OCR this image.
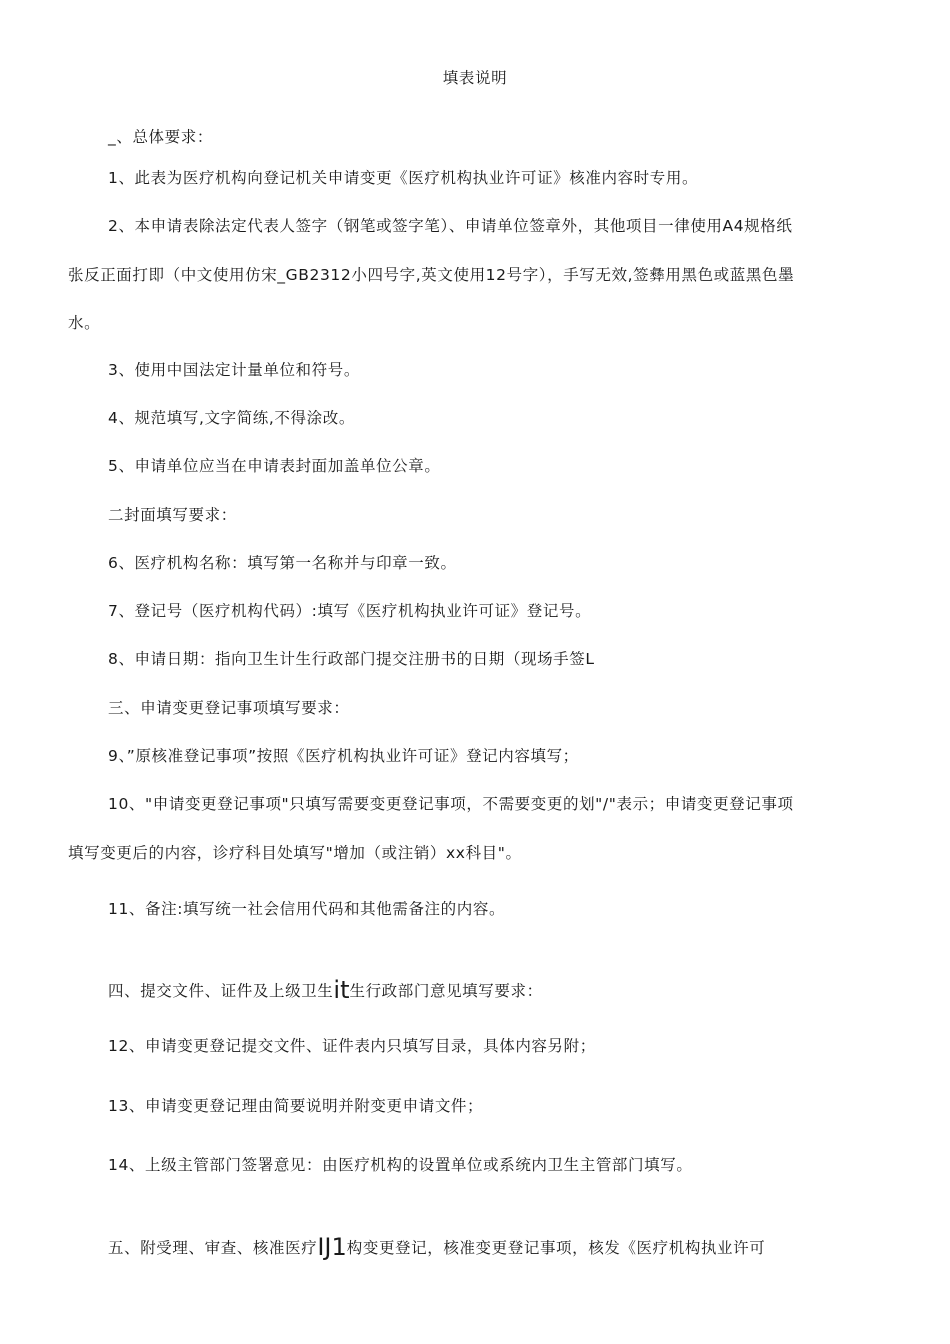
填表说明
_、总体要求：
1、此表为医疗机构向登记机关申请变更《医疗机构执业许可证》核准内容时专用。
2、本申请表除法定代表人签字（钢笔或签字笔）、申请单位签章外，其他项目一律使用A4规格纸
张反正面打即（中文使用仿宋_GB2312小四号字,英文使用12号字），手写无效,签彝用黑色或蓝黑色墨
水。
3、使用中国法定计量单位和符号。
4、规范填写,文字简练,不得涂改。
5、申请单位应当在申请表封面加盖单位公章。
二封面填写要求：
6、医疗机构名称：填写第一名称并与印章一致。
7、登记号（医疗机构代码）:填写《医疗机构执业许可证》登记号。
8、申请日期：指向卫生计生行政部门提交注册书的日期（现场手签L
三、申请变更登记事项填写要求：
9、”原核准登记事项”按照《医疗机构执业许可证》登记内容填写；
10、"申请变更登记事项"只填写需要变更登记事项，不需要变更的划"/"表示；申请变更登记事项
填写变更后的内容，诊疗科目处填写"增加（或注销）xx科目"。
11、备注:填写统一社会信用代码和其他需备注的内容。
四、提交文件、证件及上级卫生it生行政部门意见填写要求：
12、申请变更登记提交文件、证件表内只填写目录，具体内容另附；
13、申请变更登记理由简要说明并附变更申请文件；
14、上级主管部门签署意见：由医疗机构的设置单位或系统内卫生主管部门填写。
五、附受理、审查、核准医疗IJ1构变更登记，核准变更登记事项，核发《医疗机构执业许可
